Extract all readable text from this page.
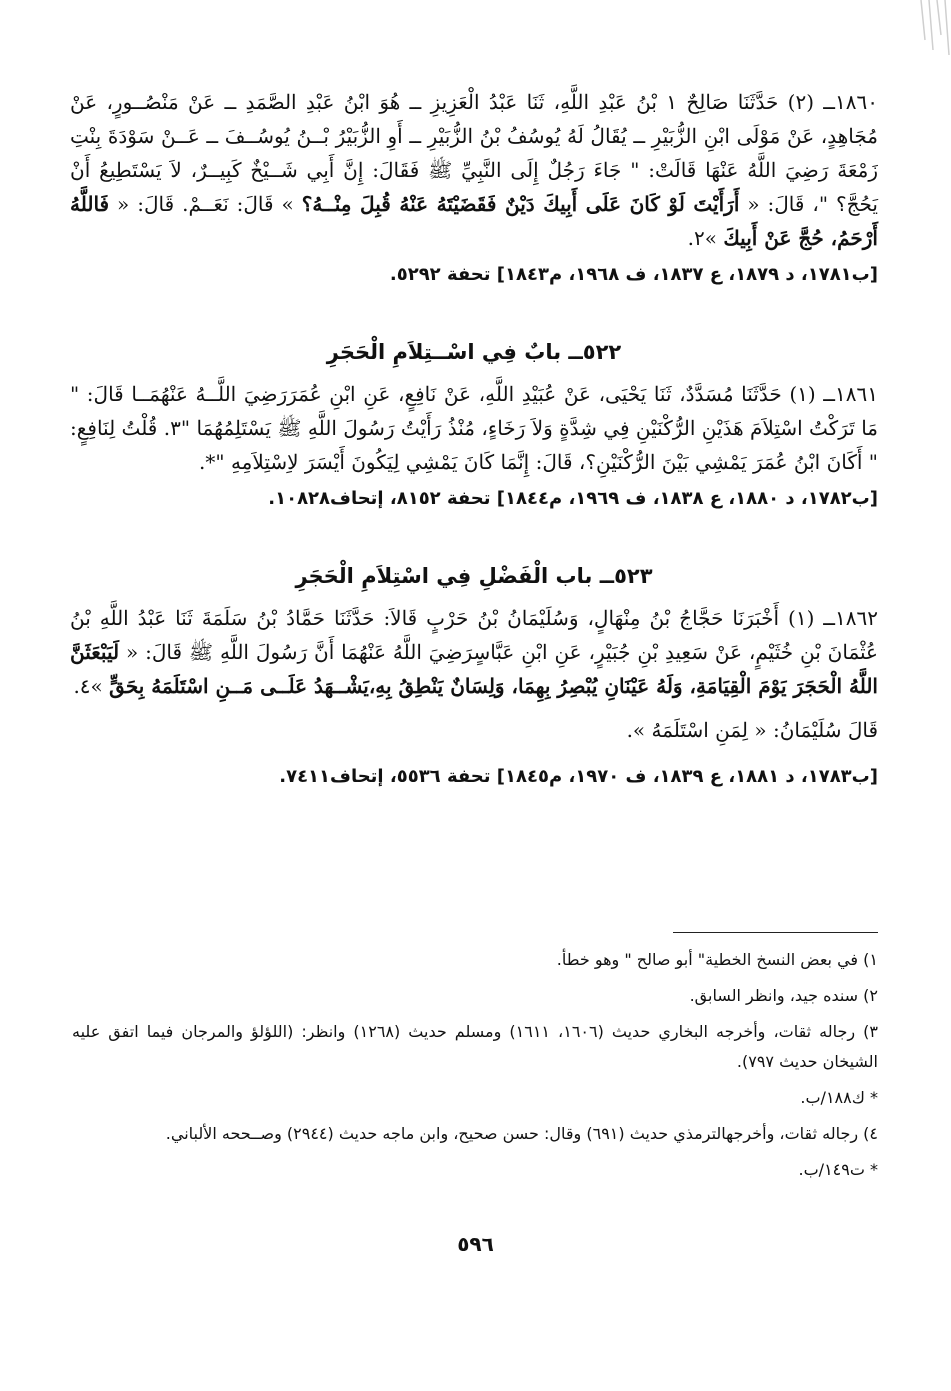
١٨٦٠ــ (٢) حَدَّثَنَا صَالِحٌ ١ بْنُ عَبْدِ اللَّهِ، ثَنَا عَبْدُ الْعَزِيزِ ــ هُوَ ابْنُ عَبْدِ الصَّمَدِ ــ عَنْ مَنْصُــورٍ، عَنْ مُجَاهِدٍ، عَنْ مَوْلَى ابْنِ الزُّبَيْرِ ــ يُقَالُ لَهُ يُوسُفُ بْنُ الزُّبَيْرِ ــ أَوِ الزُّبَيْرُ بْــنُ يُوسُــفَ ــ عَــنْ سَوْدَةَ بِنْتِ زَمْعَةَ رَضِيَ اللَّهُ عَنْهَا قَالَتْ: " جَاءَ رَجُلٌ إِلَى النَّبِيِّ ﷺ فَقَالَ: إِنَّ أَبِي شَــيْخٌ كَبِيــرٌ، لاَ يَسْتَطِيعُ أَنْ يَحُجَّ؟ "، قَالَ: « أَرَأَيْتَ لَوْ كَانَ عَلَى أَبِيكَ دَيْنٌ فَقَضَيْتَهُ عَنْهُ قُبِلَ مِنْــهُ؟ » قَالَ: نَعَــمْ. قَالَ: « فَاللَّهُ أَرْحَمُ، حُجَّ عَنْ أَبِيكَ »٢.

[ب١٧٨١، د ١٨٧٩، ع ١٨٣٧، ف ١٩٦٨، م١٨٤٣] تحفة ٥٢٩٢.

٥٢٢ــ بابٌ فِي اسْــتِلاَمِ الْحَجَرِ

١٨٦١ــ (١) حَدَّثَنَا مُسَدَّدٌ، ثَنَا يَحْيَى، عَنْ عُبَيْدِ اللَّهِ، عَنْ نَافِعٍ، عَنِ ابْنِ عُمَرَرَضِيَ اللَّــهُ عَنْهُمَــا قَالَ: " مَا تَرَكْتُ اسْتِلاَمَ هَذَيْنِ الرُّكْنَيْنِ فِي شِدَّةٍ وَلاَ رَخَاءٍ، مُنْذُ رَأَيْتُ رَسُولَ اللَّهِ ﷺ يَسْتَلِمُهُمَا "٣. قُلْتُ لِنَافِعٍ: " أَكَانَ ابْنُ عُمَرَ يَمْشِي بَيْنَ الرُّكْنَيْنِ؟، قَالَ: إِنَّمَا كَانَ يَمْشِي لِيَكُونَ أَيْسَرَ لاِسْتِلاَمِهِ "*.

[ب١٧٨٢، د ١٨٨٠، ع ١٨٣٨، ف ١٩٦٩، م١٨٤٤] تحفة ٨١٥٢، إتحاف١٠٨٢٨.

٥٢٣ــ باب الْفَضْلِ فِي اسْتِلاَمِ الْحَجَرِ

١٨٦٢ــ (١) أَخْبَرَنَا حَجَّاجُ بْنُ مِنْهَالٍ، وَسُلَيْمَانُ بْنُ حَرْبٍ قَالاَ: حَدَّثَنَا حَمَّادُ بْنُ سَلَمَةَ ثَنَا عَبْدُ اللَّهِ بْنُ عُثْمَانَ بْنِ خُثَيْمٍ، عَنْ سَعِيدِ بْنِ جُبَيْرٍ، عَنِ ابْنِ عَبَّاسٍرَضِيَ اللَّهُ عَنْهُمَا أَنَّ رَسُولَ اللَّهِ ﷺ قَالَ: « لَيَبْعَثَنَّ اللَّهُ الْحَجَرَ يَوْمَ الْقِيَامَةِ، وَلَهُ عَيْنَانِ يُبْصِرُ بِهِمَا، وَلِسَانٌ يَنْطِقُ بِهِ،يَشْــهَدُ عَلَــى مَــنِ اسْتَلَمَهُ بِحَقٍّ »٤.

قَالَ سُلَيْمَانُ: « لِمَنِ اسْتَلَمَهُ ».

[ب١٧٨٣، د ١٨٨١، ع ١٨٣٩، ف ١٩٧٠، م١٨٤٥] تحفة ٥٥٣٦، إتحاف٧٤١١.

١) في بعض النسخ الخطية" أبو صالح " وهو خطأ.

٢) سنده جيد، وانظر السابق.

٣) رجاله ثقات، وأخرجه البخاري حديث (١٦٠٦، ١٦١١) ومسلم حديث (١٢٦٨) وانظر: (اللؤلؤ والمرجان فيما اتفق عليه الشيخان حديث ٧٩٧).

* ك١٨٨/ب.

٤) رجاله ثقات، وأخرجهالترمذي حديث (٦٩١) وقال: حسن صحيح، وابن ماجه حديث (٢٩٤٤) وصــححه الألباني.

* ت١٤٩/ب.

٥٩٦
